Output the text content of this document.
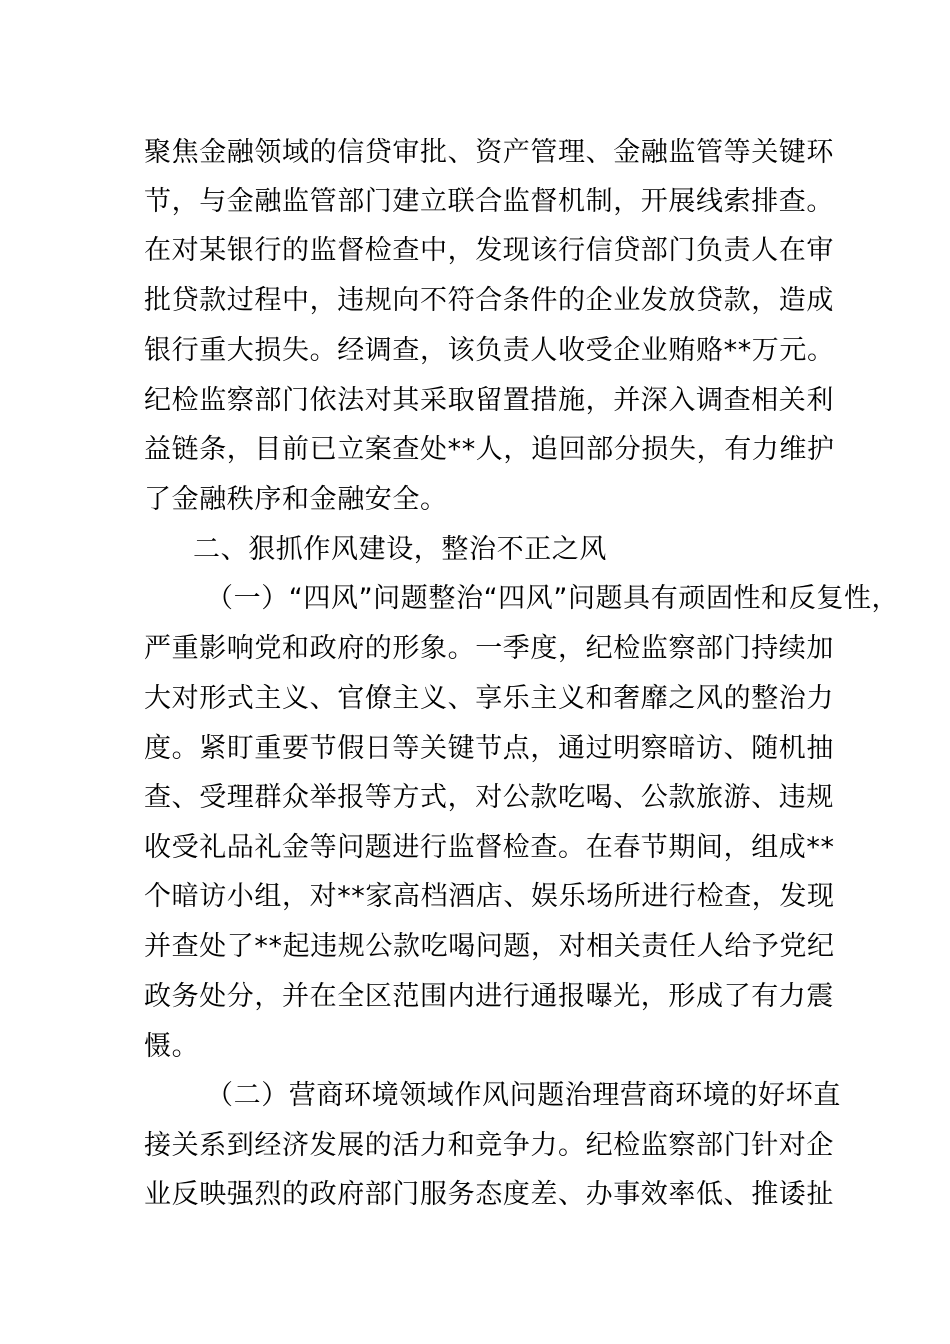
聚焦金融领域的信贷审批、资产管理、金融监管等关键环
节，与金融监管部门建立联合监督机制，开展线索排查。
在对某银行的监督检查中，发现该行信贷部门负责人在审
批贷款过程中，违规向不符合条件的企业发放贷款，造成
银行重大损失。经调查，该负责人收受企业贿赂**万元。
纪检监察部门依法对其采取留置措施，并深入调查相关利
益链条，目前已立案查处**人，追回部分损失，有力维护
了金融秩序和金融安全。
二、狠抓作风建设，整治不正之风
（一）“四风”问题整治“四风”问题具有顽固性和反复性，
严重影响党和政府的形象。一季度，纪检监察部门持续加
大对形式主义、官僚主义、享乐主义和奢靡之风的整治力
度。紧盯重要节假日等关键节点，通过明察暗访、随机抽
查、受理群众举报等方式，对公款吃喝、公款旅游、违规
收受礼品礼金等问题进行监督检查。在春节期间，组成**
个暗访小组，对**家高档酒店、娱乐场所进行检查，发现
并查处了**起违规公款吃喝问题，对相关责任人给予党纪
政务处分，并在全区范围内进行通报曝光，形成了有力震
慑。
（二）营商环境领域作风问题治理营商环境的好坏直
接关系到经济发展的活力和竞争力。纪检监察部门针对企
业反映强烈的政府部门服务态度差、办事效率低、推诿扯
